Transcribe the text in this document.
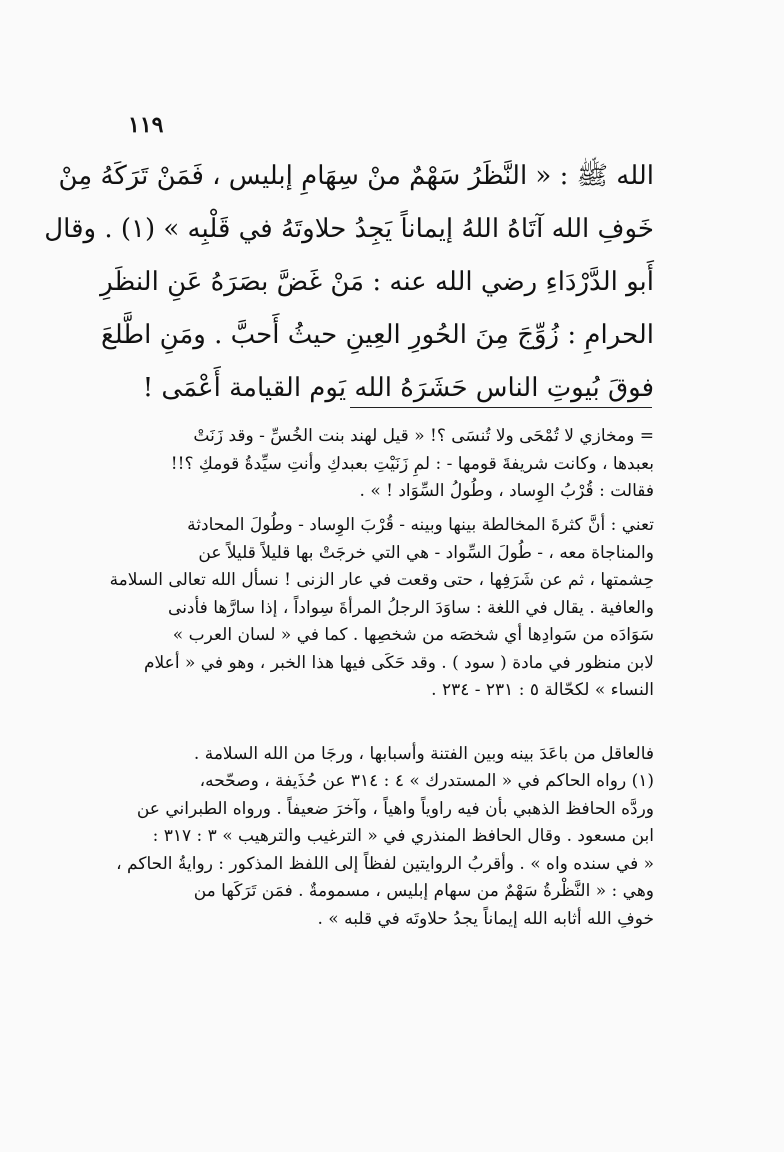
١١٩
الله ﷺ : « النَّظَرُ سَهْمٌ منْ سِهَامِ إبليس ، فَمَنْ تَرَكَهُ مِنْ
خَوفِ الله آتَاهُ اللهُ إيماناً يَجِدُ حلاوتَهُ في قَلْبِه » (١) . وقال
أَبو الدَّرْدَاءِ رضي الله عنه : مَنْ غَضَّ بصَرَهُ عَنِ النظَرِ
الحرامِ : زُوِّجَ مِنَ الحُورِ العِينِ حيثُ أَحبَّ . ومَنِ اطَّلعَ
فوقَ بُيوتِ الناس حَشَرَهُ الله يَوم القيامة أَعْمَى !
= ومخازي لا تُمْحَى ولا تُنسَى ؟! « قيل لهند بنت الخُسِّ - وقد زَنَتْ
بعبدها ، وكانت شريفةَ قومها - : لمِ زَنَيْتِ بعبدكِ وأنتِ سيِّدةُ قومكِ ؟!!
فقالت : قُرْبُ الوِساد ، وطُولُ السِّوَاد ! » .
تعني : أنَّ كثرةَ المخالطة بينها وبينه - قُرْبَ الوِساد - وطُولَ المحادثة
والمناجاة معه ، - طُولَ السِّواد - هي التي خرجَتْ بها قليلاً قليلاً عن
حِشمتها ، ثم عن شَرَفِها ، حتى وقعت في عار الزنى ! نسأل الله تعالى السلامة
والعافية . يقال في اللغة : ساوَدَ الرجلُ المرأةَ سِواداً ، إذا سارَّها فأدنى
سَوَادَه من سَوادِها أي شخصَه من شخصِها . كما في « لسان العرب »
لابن منظور في مادة ( سود ) . وقد حَكَى فيها هذا الخبر ، وهو في « أعلام
النساء » لكحّالة ٥ : ٢٣١ - ٢٣٤ .
فالعاقل من باعَدَ بينه وبين الفتنة وأسبابها ، ورجَا من الله السلامة .
(١) رواه الحاكم في « المستدرك » ٤ : ٣١٤ عن حُذَيفة ، وصحّحه،
وردَّه الحافظ الذهبي بأن فيه راوياً واهياً ، وآخرَ ضعيفاً . ورواه الطبراني عن
ابن مسعود . وقال الحافظ المنذري في « الترغيب والترهيب » ٣ : ٣١٧ :
« في سنده واه » . وأقربُ الروايتين لفظاً إلى اللفظ المذكور : روايةُ الحاكم ،
وهي : « النَّظْرةُ سَهْمٌ من سهام إبليس ، مسمومةٌ . فمَن تَرَكَها من
خوفِ الله أثابه الله إيماناً يجدُ حلاوتَه في قلبه » .
